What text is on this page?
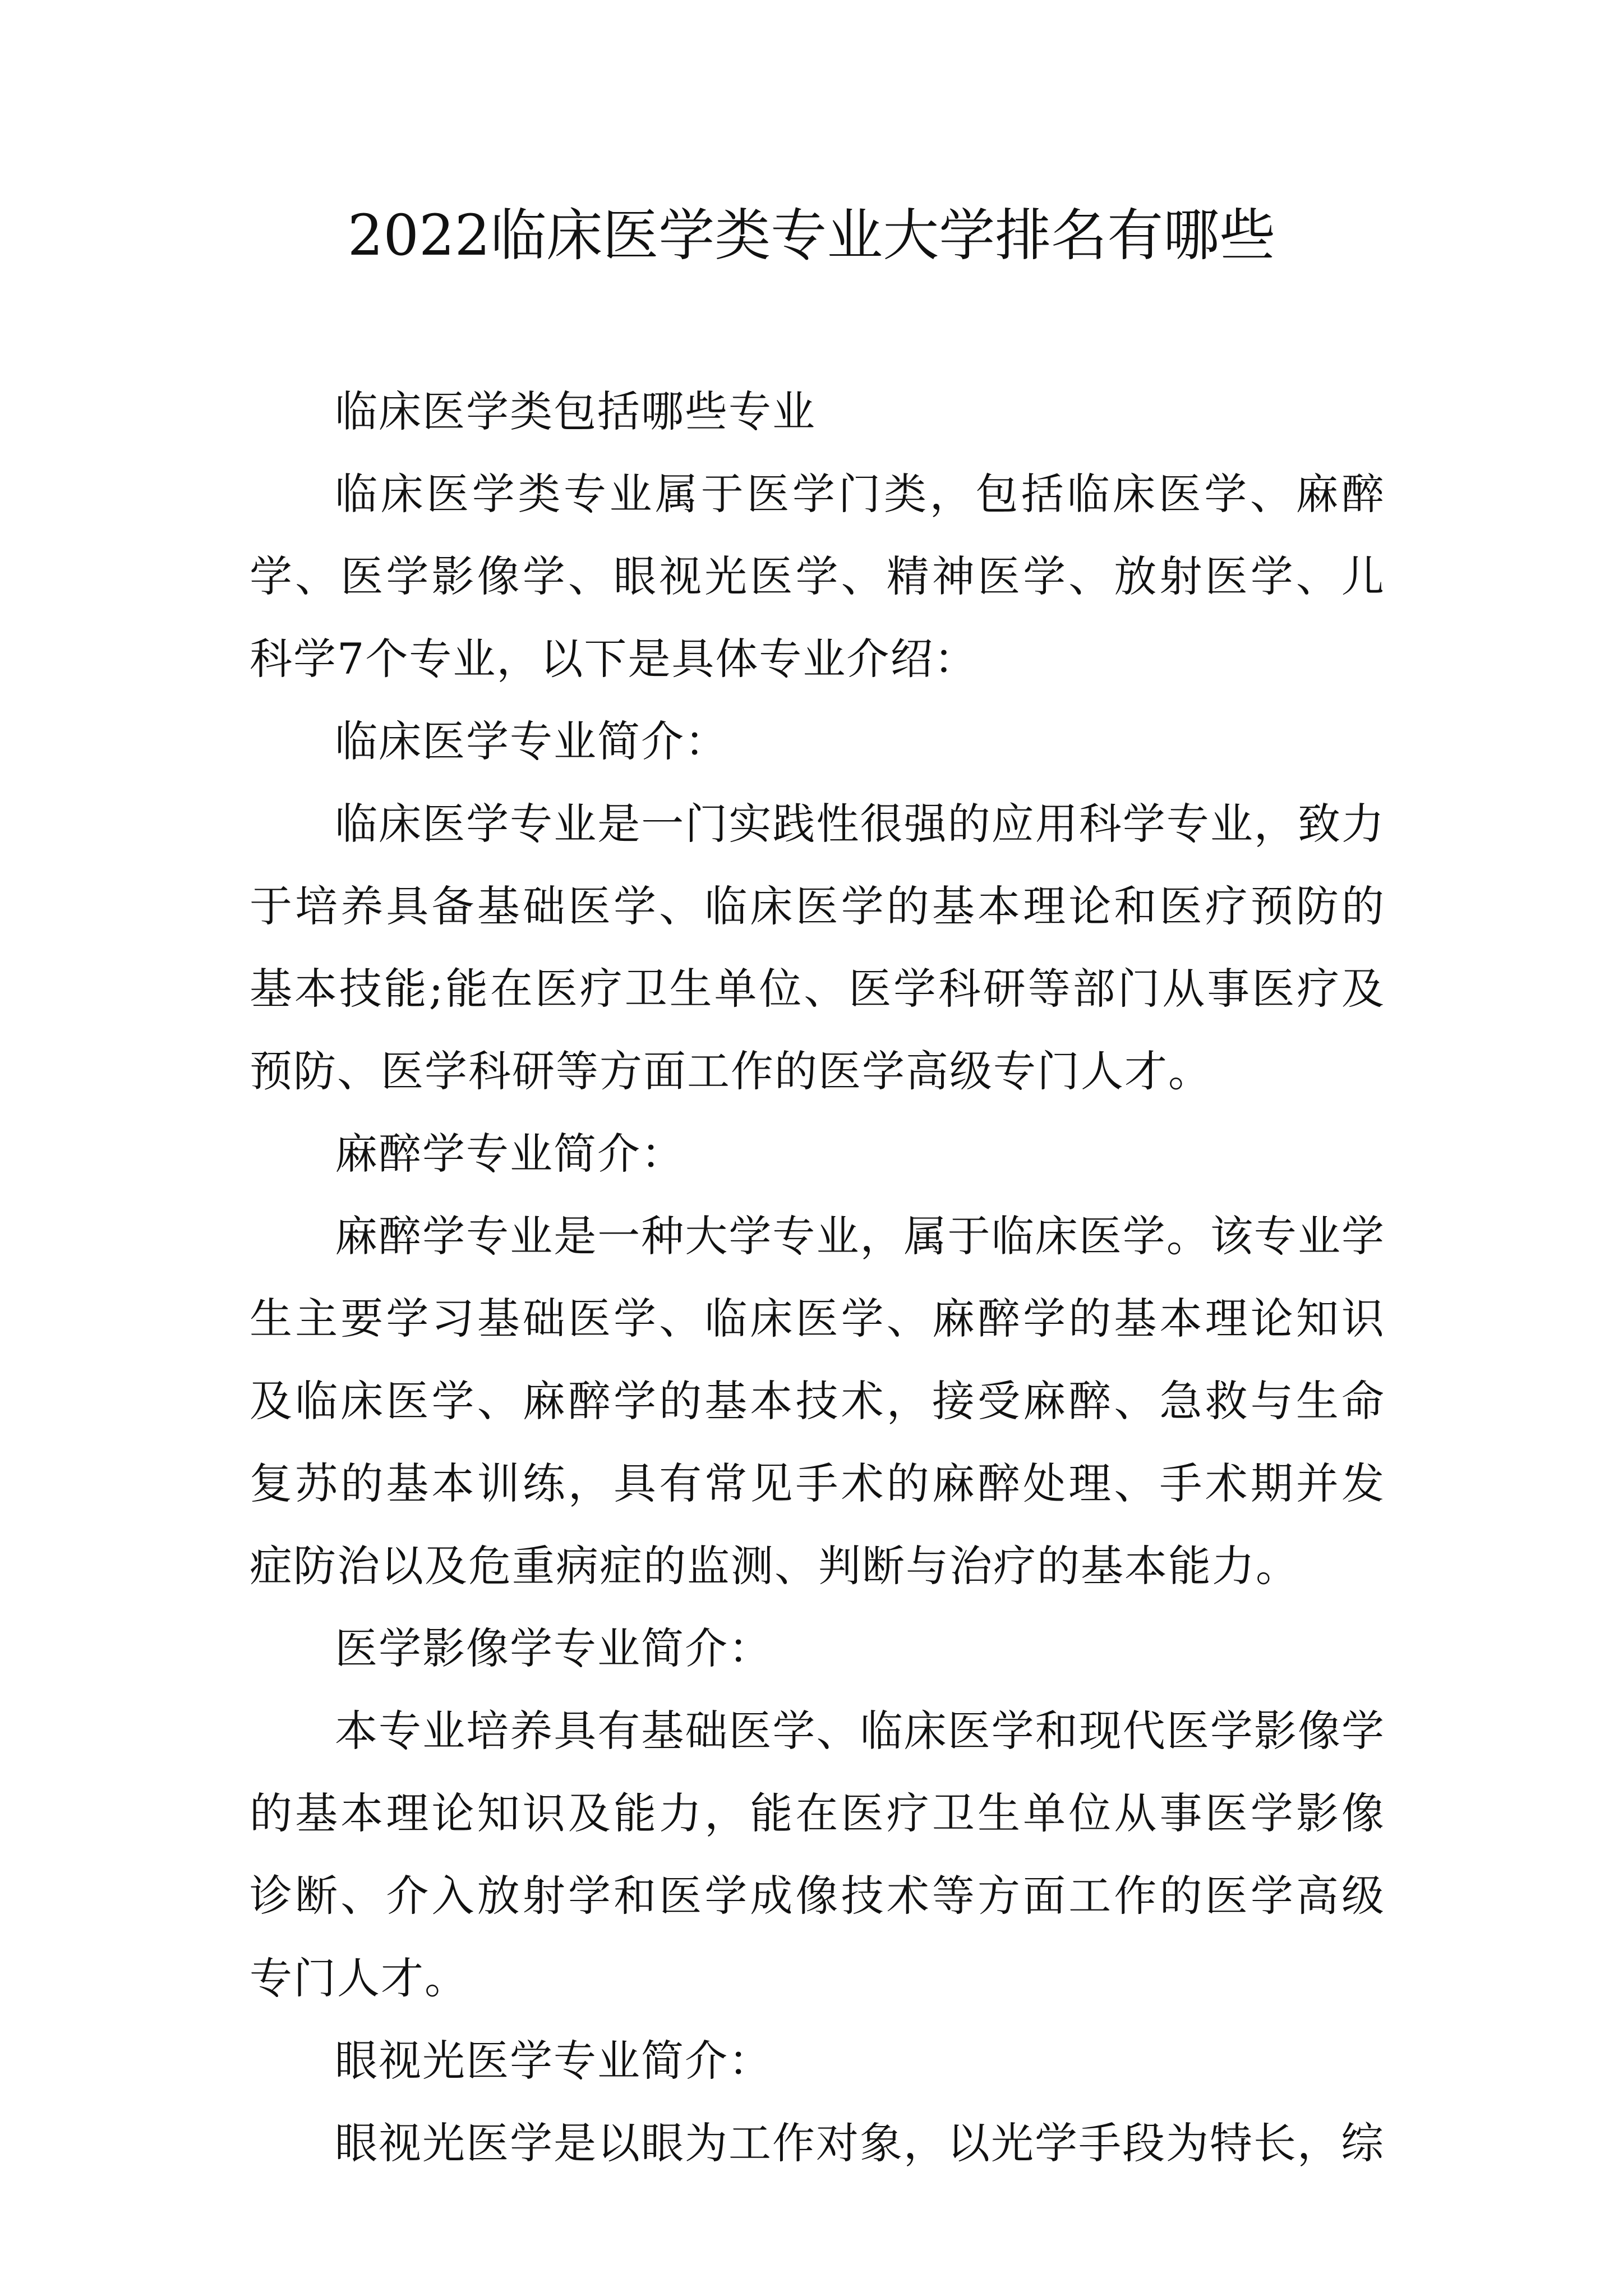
2022临床医学类专业大学排名有哪些

临床医学类包括哪些专业

临床医学类专业属于医学门类，包括临床医学、麻醉学、医学影像学、眼视光医学、精神医学、放射医学、儿科学7个专业，以下是具体专业介绍：

临床医学专业简介：

临床医学专业是一门实践性很强的应用科学专业，致力于培养具备基础医学、临床医学的基本理论和医疗预防的基本技能;能在医疗卫生单位、医学科研等部门从事医疗及预防、医学科研等方面工作的医学高级专门人才。

麻醉学专业简介：

麻醉学专业是一种大学专业，属于临床医学。该专业学生主要学习基础医学、临床医学、麻醉学的基本理论知识及临床医学、麻醉学的基本技术，接受麻醉、急救与生命复苏的基本训练，具有常见手术的麻醉处理、手术期并发症防治以及危重病症的监测、判断与治疗的基本能力。

医学影像学专业简介：

本专业培养具有基础医学、临床医学和现代医学影像学的基本理论知识及能力，能在医疗卫生单位从事医学影像诊断、介入放射学和医学成像技术等方面工作的医学高级专门人才。

眼视光医学专业简介：

眼视光医学是以眼为工作对象，以光学手段为特长，综
